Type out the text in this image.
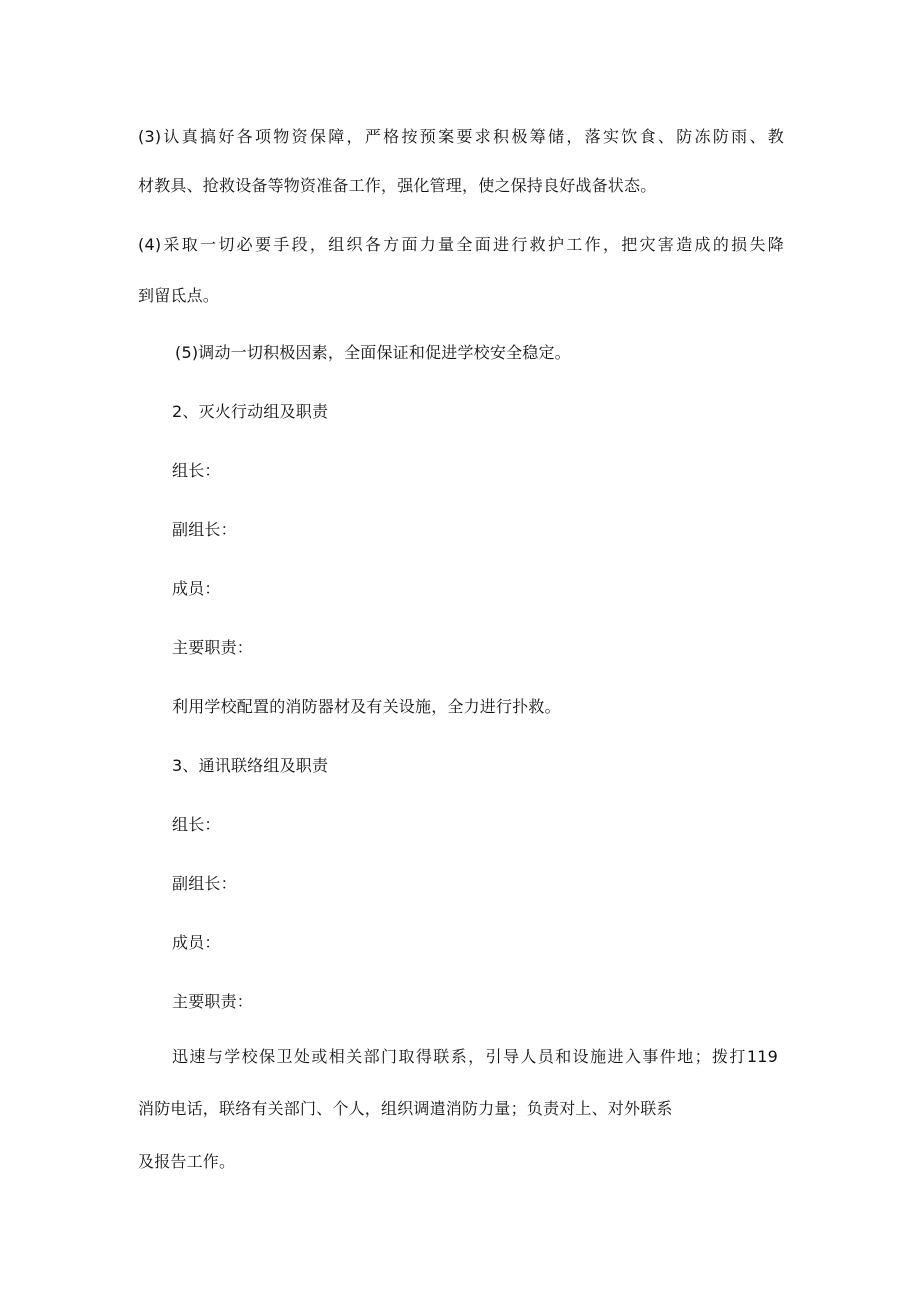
(3)认真搞好各项物资保障，严格按预案要求积极筹储，落实饮食、防冻防雨、教
材教具、抢救设备等物资准备工作，强化管理，使之保持良好战备状态。
(4)采取一切必要手段，组织各方面力量全面进行救护工作，把灾害造成的损失降
到留氐点。
(5)调动一切积极因素，全面保证和促进学校安全稳定。
2、灭火行动组及职责
组长：
副组长：
成员：
主要职责：
利用学校配置的消防器材及有关设施，全力进行扑救。
3、通讯联络组及职责
组长：
副组长：
成员：
主要职责：
迅速与学校保卫处或相关部门取得联系，引导人员和设施进入事件地；拨打119
消防电话，联络有关部门、个人，组织调遣消防力量；负责对上、对外联系
及报告工作。
